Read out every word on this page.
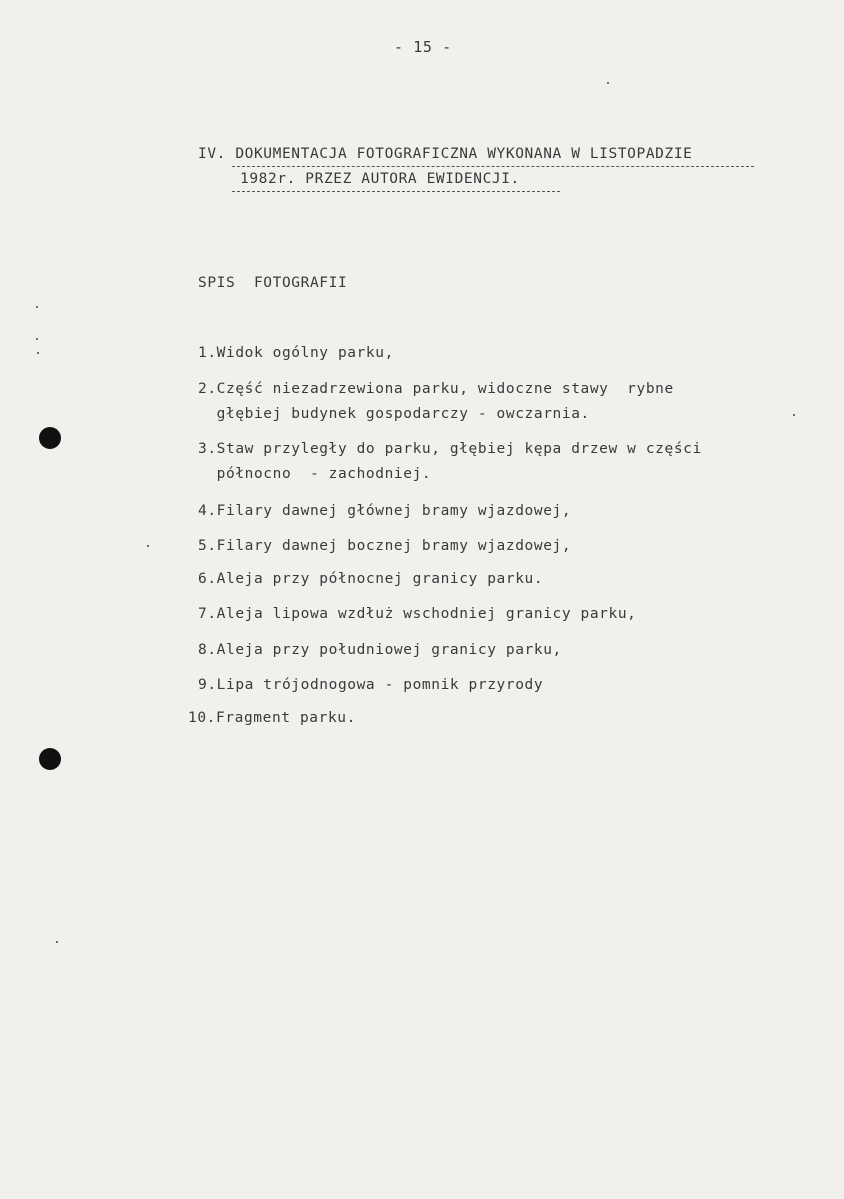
- 15 -
IV. DOKUMENTACJA FOTOGRAFICZNA WYKONANA W LISTOPADZIE
1982r. PRZEZ AUTORA EWIDENCJI.
SPIS  FOTOGRAFII
1.Widok ogólny parku,
2.Część niezadrzewiona parku, widoczne stawy  rybne
głębiej budynek gospodarczy - owczarnia.
3.Staw przyległy do parku, głębiej kępa drzew w części
północno  - zachodniej.
4.Filary dawnej głównej bramy wjazdowej,
5.Filary dawnej bocznej bramy wjazdowej,
6.Aleja przy północnej granicy parku.
7.Aleja lipowa wzdłuż wschodniej granicy parku,
8.Aleja przy południowej granicy parku,
9.Lipa trójodnogowa - pomnik przyrody
10.Fragment parku.
